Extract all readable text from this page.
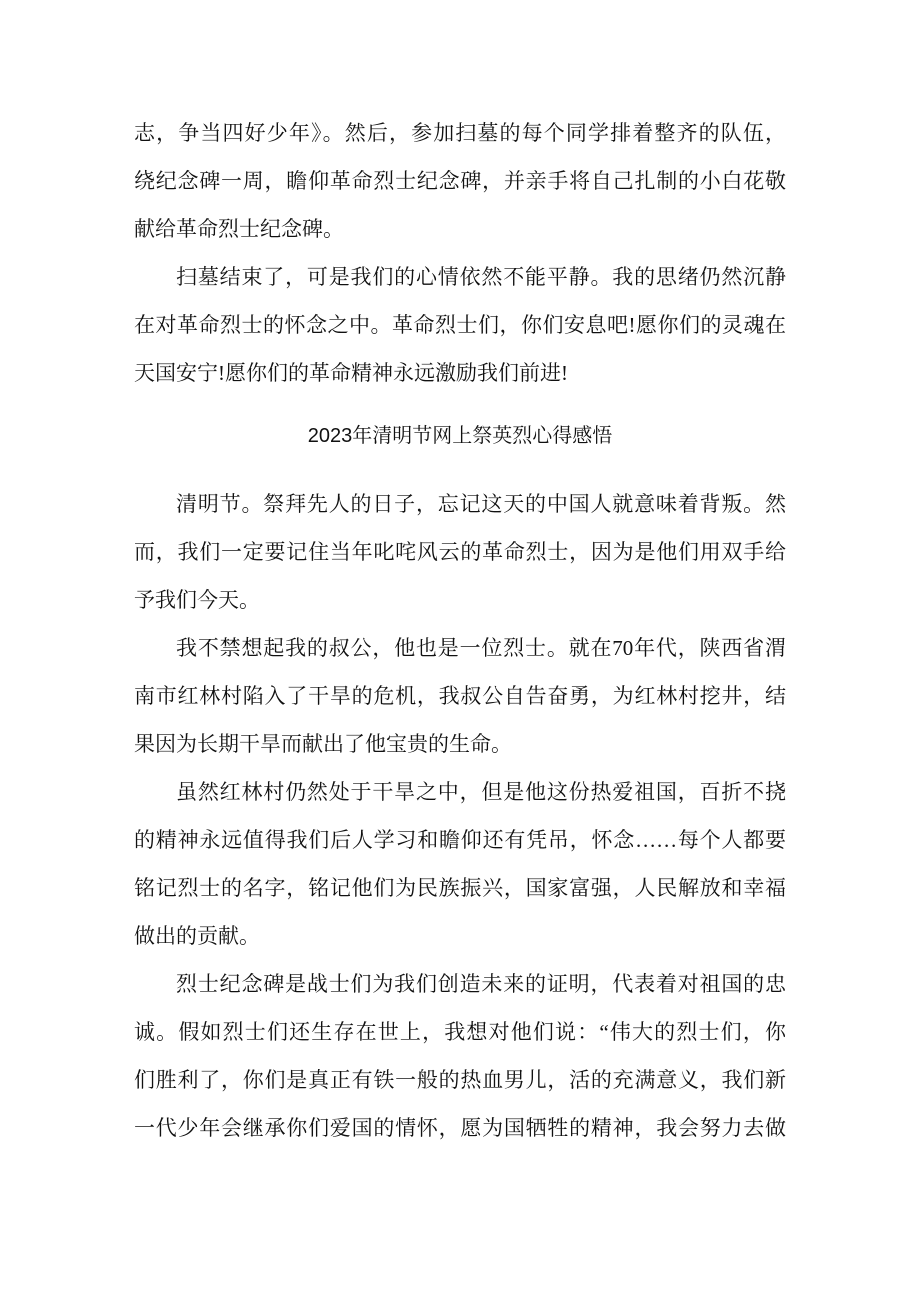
志，争当四好少年》。然后，参加扫墓的每个同学排着整齐的队伍，
绕纪念碑一周，瞻仰革命烈士纪念碑，并亲手将自己扎制的小白花敬
献给革命烈士纪念碑。
扫墓结束了，可是我们的心情依然不能平静。我的思绪仍然沉静
在对革命烈士的怀念之中。革命烈士们，你们安息吧!愿你们的灵魂在
天国安宁!愿你们的革命精神永远激励我们前进!
2023年清明节网上祭英烈心得感悟
清明节。祭拜先人的日子，忘记这天的中国人就意味着背叛。然
而，我们一定要记住当年叱咤风云的革命烈士，因为是他们用双手给
予我们今天。
我不禁想起我的叔公，他也是一位烈士。就在70年代，陕西省渭
南市红林村陷入了干旱的危机，我叔公自告奋勇，为红林村挖井，结
果因为长期干旱而献出了他宝贵的生命。
虽然红林村仍然处于干旱之中，但是他这份热爱祖国，百折不挠
的精神永远值得我们后人学习和瞻仰还有凭吊，怀念……每个人都要
铭记烈士的名字，铭记他们为民族振兴，国家富强，人民解放和幸福
做出的贡献。
烈士纪念碑是战士们为我们创造未来的证明，代表着对祖国的忠
诚。假如烈士们还生存在世上，我想对他们说：“伟大的烈士们，你
们胜利了，你们是真正有铁一般的热血男儿，活的充满意义，我们新
一代少年会继承你们爱国的情怀，愿为国牺牲的精神，我会努力去做
